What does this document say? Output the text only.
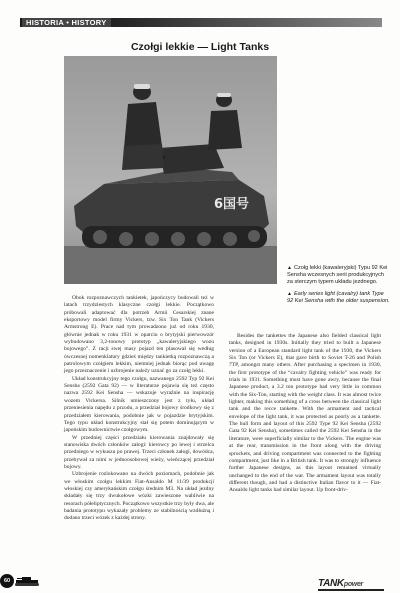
HISTORIA • HISTORY
Czołgi lekkie — Light Tanks
6国号
▲ Czołg lekki (kawaleryjski) Typu 92 Kei Sensha wczesnych serii produkcyjnych za sterczym typem układu jezdnego.
▲ Early series light (cavalry) tank Type 92 Kei Sensha with the older suspension.

Obok rozpoznawczych tankietek, japończycy budowali też w latach trzydziestych klasyczne czołgi lekkie. Początkowo próbowali adaptować dla potrzeb Armii Cesarskiej znane eksportowy model firmy Vickers, tzw. Six Ton Tank (Vickers Armstrong E). Prace nad tym prowadzono już od roku 1930, głównie jednak w roku 1931 w oparciu o brytyjski pierwowzór wybudowano 3,2-tonowy prototyp „kawaleryjskiego wozu bojowego”. Z racji swej masy pojazd ten plasował się według ówczesnej nomenklatury gdzieś między tankietką rozpoznawczą a patrolowym czołgiem lekkim, niemniej jednak biorąc pod uwagę jego przeznaczenie i uzbrojenie należy uznać go za czołg lekki.

Układ konstrukcyjny tego czołgu, nazwanego 2592 Typ 92 Kei Sensha (2592 Gata 92) — w literaturze pojawia się też często nazwa 2592 Kei Sensha — wskazuje wyraźnie na inspirację wozem Vickersa. Silnik umieszczony jest z tyłu, układ przeniesienia napędu z przodu, a przedział bojowy środkowy się z przedziałem kierowania, podobnie jak w pojazdzie brytyjskim. Tego typu układ konstrukcyjny stał się potem dominującym w japońskim budownictwie czołgowym.

W przedniej części przedziału kierowania znajdowały się stanowiska dwóch członków załogi: kierowcy po lewej i strzelca przedniego w wykuszu po prawej. Trzeci członek załogi, dowódca, przebywał za nimi w jednoosobowej wieży, wieńczącej przedział bojowy.

Uzbrojenie rozlokowano na dwóch poziomach, podobnie jak we włoskim czołgu lekkim Fiat-Ansaldo M 11/39 produkcji włoskiej czy amerykańskim czołgu średnim M3. Na układ jezdny składały się trzy dwukołowe wózki zawieszone wahliwie na resorach półeliptycznych. Początkowo wszystkie trzy były dwa, ale badania prototypu wykazały problemy ze stabilnością wzdłużną i dodano trzeci wózek z każdej strony.

Besides the tankettes the Japanese also fielded classical light tanks, designed in 1930s. Initially they tried to built a Japanese version of a European standard light tank of the 1930, the Vickers Six Ton (or Vickers E), that gave birth to Soviet T-26 and Polish 7TP, amongst many others. After purchasing a specimen in 1930, the first prototype of the “cavalry fighting vehicle” was ready for trials in 1931. Something must have gone awry, because the final Japanese product, a 3.2 ton prototype had very little in common with the Six-Ton, starting with the weight class. It was almost twice lighter, making this something of a cross between the classical light tank and the recce tankette. With the armament and tactical envelope of the light tank, it was protected as poorly as a tankette. The hull form and layout of this 2592 Type 92 Kei Sensha (2592 Gata 92 Kei Sensha), sometimes called the 2592 Kei Sensha in the literature, were superficially similar to the Vickers. The engine was at the rear, transmission in the front along with the driving sprockets, and driving compartment was connected to the fighting compartment, just like in a British tank. It was to strongly influence further Japanese designs, as this layout remained virtually unchanged to the end of the war. The armament layout was totally different though, and had a distinctive Italian flavor to it — Fiat-Ansaldo light tanks had similar layout. Up front-driv-

60	TANKpower
